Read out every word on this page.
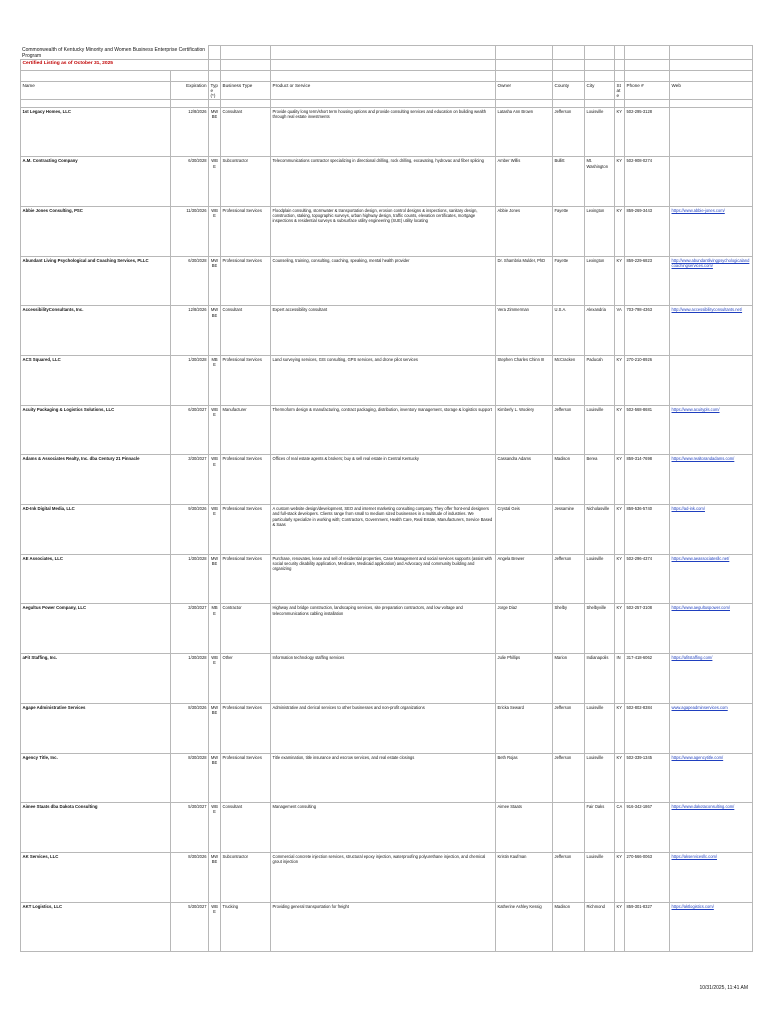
Commonwealth of Kentucky Minority and Women Business Enterprise Certification
Program										
Certified Listing as of October 31, 2025										

Name	Expiration	Type (*)	Business Type	Product or Service	Owner	County	City	State	Phone #	Web

1st Legacy Homes, LLC	12/8/2026	MWBE	Consultant	Provide quality long term/short term housing options and provide consulting services and education on building wealth through real estate investments	Latasha Ann Brown	Jefferson	Louisville	KY	502-295-3128	
A.M. Contracting Company	6/30/2028	WBE	Subcontractor	Telecommunications contractor specializing in directional drilling, rock drilling, excavating, hydrovac and fiber splicing	Amber Willis	Bullitt	Mt. Washington	KY	502-908-0274	
Abbie Jones Consulting, PSC	11/30/2026	WBE	Professional Services	Floodplain consulting, stormwater & transportation design, erosion control designs & inspections, sanitary design, construction, staking, topographic surveys, urban highway design, traffic counts, elevation certificates, mortgage inspections & residential surveys & subsurface utility engineering (SUE) utility locating	Abbie Jones	Fayette	Lexington	KY	859-269-3443	https://www.abbie-jones.com/
Abundant Living Psychological and Coaching Services, PLLC	6/30/2028	MWBE	Professional Services	Counseling, training, consulting, coaching, speaking, mental health provider	Dr. Shambria Mulder, PhD	Fayette	Lexington	KY	859-229-6823	http://www.abundantlivingpsychologicalandcoachingservices.com/
AccessibilityConsultants, Inc.	12/8/2026	MWBE	Consultant	Expert accessibility consultant	Vera Zimmerman	U.S.A.	Alexandria	VA	703-798-4363	http://www.accessibilityconsultants.net/
ACS Squared, LLC	1/30/2028	MBE	Professional Services	Land surveying services, GIS consulting, GPS services, and drone pilot services	Stephen Charles Chinn III	McCracken	Paducah	KY	270-210-8926	
Acuity Packaging & Logistics Solutions, LLC	6/30/2027	WBE	Manufacturer	Thermoform design & manufacturing, contract packaging, distribution, inventory management, storage & logistics support	Kimberly L. Woolery	Jefferson	Louisville	KY	502-568-8681	https://www.acuitypls.com/
Adams & Associates Realty, Inc. dba Century 21 Pinnacle	3/30/2027	WBE	Professional Services	Offices of real estate agents & brokers; buy & sell real estate in Central Kentucky	Cassandra Adams	Madison	Berea	KY	859-314-7698	https://www.realtorandadams.com/
AD-Ink Digital Media, LLC	9/30/2026	WBE	Professional Services	A custom website design/development, SEO and internet marketing consulting company. They offer front-end designers and full-stack developers. Clients range from small to medium sized businesses in a multitude of industries. We particularly specialize in working with; Contractors, Government, Health Care, Real Estate, Manufacturers, Service Based & Saas	Crystal Geis	Jessamine	Nicholasville	KY	859-536-5740	https://ad-ink.com/
AE Associates, LLC	1/30/2028	MWBE	Professional Services	Purchase, renovates, lease and sell of residential properties, Case Management and social services supports (assist with social security disability application, Medicare, Medicaid application) and Advocacy and community building and organizing	Angela Brewer	Jefferson	Louisville	KY	502-296-4374	https://www.aeassociatesllc.net/
Aegultus Power Company, LLC	3/30/2027	MBE	Contractor	Highway and bridge construction, landscaping services, site preparation contractors, and low voltage and telecommunications cabling installation	Jorge Diaz	Shelby	Shelbyville	KY	502-257-3108	https://www.aegultuspower.com/
aFit Staffing, Inc.	1/30/2028	WBE	Other	Information technology staffing services	Julie Phillips	Marion	Indianapolis	IN	317-418-6062	https://afitstaffing.com/
Agape Administrative Services	8/30/2026	MWBE	Professional Services	Administrative and clerical services to other businesses and non-profit organizations	Ericka Seward	Jefferson	Louisville	KY	502-802-8384	www.agapeadminservices.com
Agency Title, Inc.	8/30/2028	MWBE	Professional Services	Title examination, title insurance and escrow services, and real estate closings	Beth Rojas	Jefferson	Louisville	KY	502-339-1345	https://www.agencytitle.com/
Aimee Staats dba Dakota Consulting	5/30/2027	WBE	Consultant	Management consulting	Aimee Staats		Fair Oaks	CA	916-342-1867	https://www.dakotaconsulting.com/
AK Services, LLC	8/30/2026	MWBE	Subcontractor	Commercial concrete injection services, structural epoxy injection, waterproofing polyurethane injection, and chemical grout injection	Kristin Kaufman	Jefferson	Louisville	KY	270-566-0063	https://akservicesllc.com/
AKT Logistics, LLC	5/30/2027	WBE	Trucking	Providing general transportation for freight	Katherine Ashley Kessig	Madison	Richmond	KY	859-301-8327	https://aktlogistics.com/
10/31/2025, 11:41 AM
